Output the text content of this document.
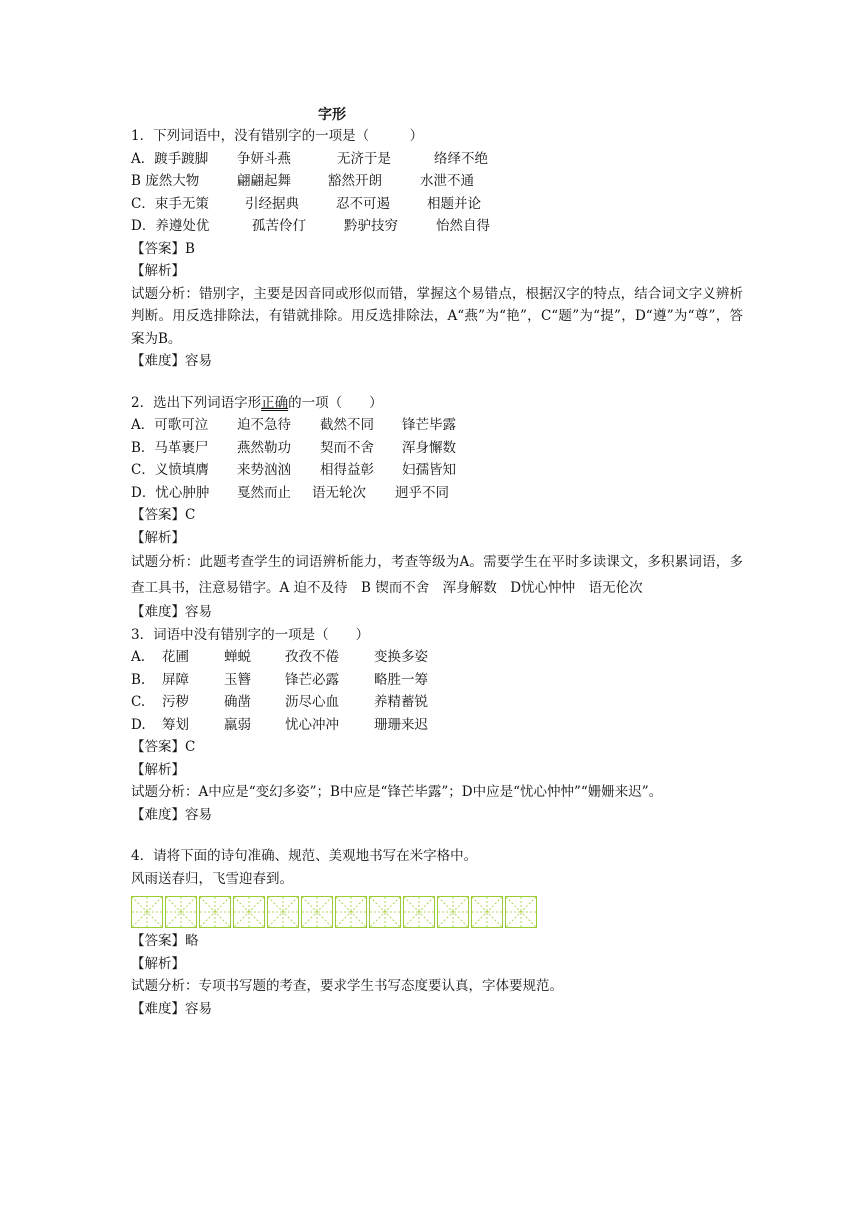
字形
1．下列词语中，没有错别字的一项是（　　　）
A．踱手踱脚 争妍斗燕	无济于是	络绎不绝
B 庞然大物	翩翩起舞	豁然开朗	水泄不通
C．束手无策	引经据典	忍不可遏	相题并论
D．养遵处优	孤苦伶仃	黔驴技穷	怡然自得
【答案】B
【解析】
试题分析：错别字，主要是因音同或形似而错，掌握这个易错点，根据汉字的特点，结合词文字义辨析判断。用反选排除法，有错就排除。用反选排除法，A“燕”为“艳”，C“题”为“提”，D“遵”为“尊”，答案为B。
【难度】容易
2．选出下列词语字形正确的一项（　　）
A．可歌可泣 迫不急待 截然不同 锋芒毕露
B．马革裹尸 燕然勒功 契而不舍 浑身懈数
C．义愤填膺 来势汹汹 相得益彰 妇孺皆知
D．忧心肿肿 戛然而止 语无轮次 迥乎不同
【答案】C
【解析】
试题分析：此题考查学生的词语辨析能力，考查等级为A。需要学生在平时多读课文，多积累词语，多查工具书，注意易错字。A 迫不及待　B 锲而不舍　浑身解数　D忧心忡忡　语无伦次
【难度】容易
3．词语中没有错别字的一项是（　　）
A. 花圃	蝉蜕	孜孜不倦	变换多姿
B. 屏障	玉簪	锋芒必露	略胜一筹
C. 污秽	确凿	沥尽心血	养精蓄锐
D. 筹划	羸弱	忧心冲冲	珊珊来迟
【答案】C
【解析】
试题分析：A中应是“变幻多姿”；B中应是“锋芒毕露”；D中应是“忧心忡忡”“姗姗来迟”。
【难度】容易
4．请将下面的诗句准确、规范、美观地书写在米字格中。
风雨送春归，飞雪迎春到。
【答案】略
【解析】
试题分析：专项书写题的考查，要求学生书写态度要认真，字体要规范。
【难度】容易
